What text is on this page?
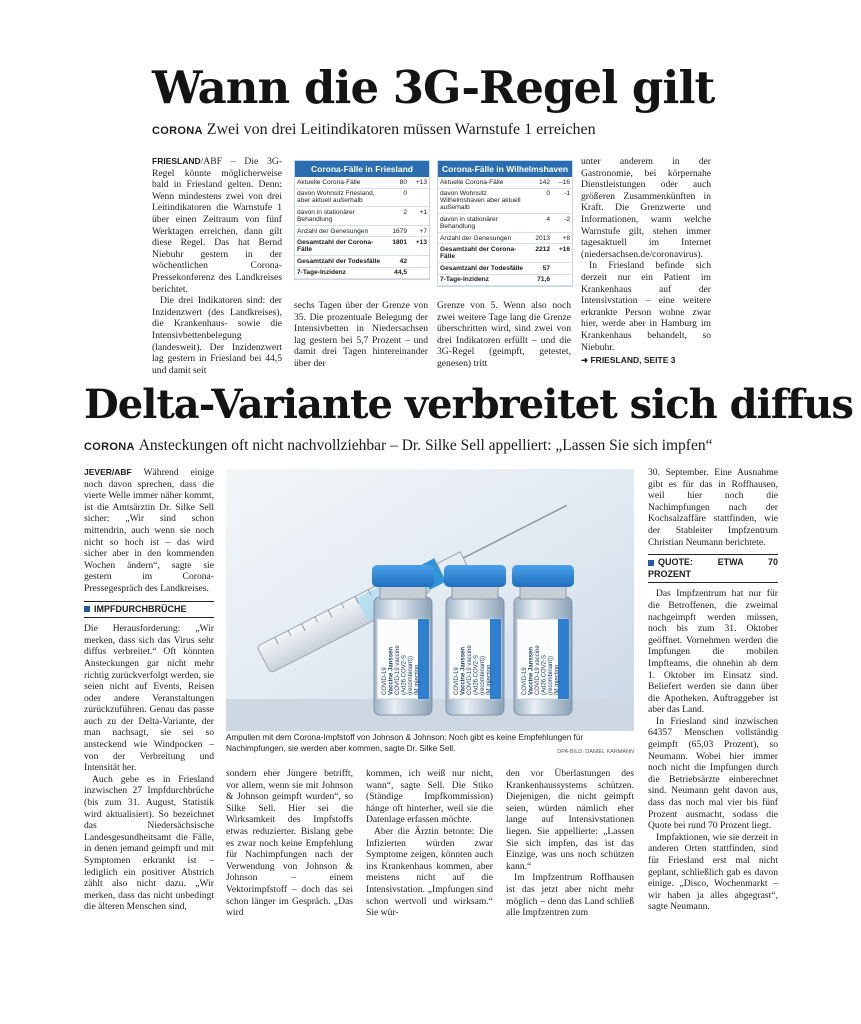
Wann die 3G-Regel gilt
CORONA Zwei von drei Leitindikatoren müssen Warnstufe 1 erreichen

FRIESLAND/ABF – Die 3G-Regel könnte möglicherweise bald in Friesland gelten. Denn: Wenn mindestens zwei von drei Leitindikatoren die Warnstufe 1 über einen Zeitraum von fünf Werktagen erreichen, dann gilt diese Regel. Das hat Bernd Niebuhr gestern in der wöchentlichen Corona-Pressekonferenz des Landkreises berichtet.

Die drei Indikatoren sind: der Inzidenzwert (des Landkreises), die Krankenhaus- sowie die Intensivbettenbelegung (landesweit). Der Inzidenzwert lag gestern in Friesland bei 44,5 und damit seit

Corona-Fälle in Friesland
Aktuelle Corona-Fälle	80	+13
davon Wohnsitz Friesland, aber aktuell außerhalb	0	
davon in stationärer Behandlung	2	+1
Anzahl der Genesungen	1679	+7
Gesamtzahl der Corona-Fälle	1801	+13
Gesamtzahl der Todesfälle	42	
7-Tage-Inzidenz	44,5	

sechs Tagen über der Grenze von 35. Die prozentuale Belegung der Intensivbetten in Niedersachsen lag gestern bei 5,7 Prozent – und damit drei Tagen hintereinander über der

Corona-Fälle in Wilhelmshaven
Aktuelle Corona-Fälle	142	–16
davon Wohnsitz Wilhelmshaven aber aktuell außerhalb	0	-1
davon in stationärer Behandlung	4	-2
Anzahl der Genesungen	2013	+8
Gesamtzahl der Corona-Fälle	2212	+16
Gesamtzahl der Todesfälle	57	
7-Tage-Inzidenz	71,6	

Grenze von 5. Wenn also noch zwei weitere Tage lang die Grenze überschritten wird, sind zwei von drei Indikatoren erfüllt – und die 3G-Regel (geimpft, getestet, genesen) tritt

unter anderem in der Gastronomie, bei körpernahe Dienstleistungen oder auch größeren Zusammenkünften in Kraft. Die Grenzwerte und Informationen, wann welche Warnstufe gilt, stehen immer tagesaktuell im Internet (niedersachsen.de/coronavirus).

In Friesland befinde sich derzeit nur ein Patient im Krankenhaus auf der Intensivstation – eine weitere erkrankte Person wohne zwar hier, werde aber in Hamburg im Krankenhaus behandelt, so Niebuhr.

➜ FRIESLAND, SEITE 3
Delta-Variante verbreitet sich diffus
CORONA Ansteckungen oft nicht nachvollziehbar – Dr. Silke Sell appelliert: „Lassen Sie sich impfen“

JEVER/ABF Während einige noch davon sprechen, dass die vierte Welle immer näher kommt, ist die Amtsärztin Dr. Silke Sell sicher: „Wir sind schon mittendrin, auch wenn sie noch nicht so hoch ist – das wird sicher aber in den kommenden Wochen ändern“, sagte sie gestern im Corona-Pressegespräch des Landkreises.

IMPFDURCHBRÜCHE

Die Herausforderung: „Wir merken, dass sich das Virus sehr diffus verbreitet.“ Oft könnten Ansteckungen gar nicht mehr richtig zurückverfolgt werden, sie seien nicht auf Events, Reisen oder andere Veranstaltungen zurückzuführen. Genau das passe auch zu der Delta-Variante, der man nachsagt, sie sei so ansteckend wie Windpocken – von der Verbreitung und Intensität her.

Auch gebe es in Friesland inzwischen 27 Impfdurchbrüche (bis zum 31. August, Statistik wird aktualisiert). So bezeichnet das Niedersächsische Landesgesundheitsamt die Fälle, in denen jemand geimpft und mit Symptomen erkrankt ist – lediglich ein positiver Abstrich zählt also nicht dazu. „Wir merken, dass das nicht unbedingt die älteren Menschen sind,

COVID-19Vaccine JanssenCOVID-19 vaccine(Ad26.COV2-S(recombinant))IM injection	COVID-19Vaccine JanssenCOVID-19 vaccine(Ad26.COV2-S(recombinant))IM injection	COVID-19Vaccine JanssenCOVID-19 vaccine(Ad26.COV2-S(recombinant))IM injection
Ampullen mit dem Corona-Impfstoff von Johnson & Johnson: Noch gibt es keine Empfehlungen für Nachimpfungen, sie werden aber kommen, sagte Dr. Silke Sell.	DPA-BILD: DANIEL KARMANN

sondern eher Jüngere betrifft, vor allem, wenn sie mit Johnson & Johnson geimpft wurden“, so Silke Sell. Hier sei die Wirksamkeit des Impfstoffs etwas reduzierter. Bislang gebe es zwar noch keine Empfehlung für Nachimpfungen nach der Verwendung von Johnson & Johnson – einem Vektorimpfstoff – doch das sei schon länger im Gespräch. „Das wird

kommen, ich weiß nur nicht, wann“, sagte Sell. Die Stiko (Ständige Impfkommission) hänge oft hinterher, weil sie die Datenlage erfassen möchte.

Aber die Ärztin betonte: Die Infizierten würden zwar Symptome zeigen, könnten auch ins Krankenhaus kommen, aber meistens nicht auf die Intensivstation. „Impfungen sind schon wertvoll und wirksam.“ Sie wür-

den vor Überlastungen des Krankenhaussystems schützen. Diejenigen, die nicht geimpft seien, würden nämlich eher lange auf Intensivstationen liegen. Sie appellierte: „Lassen Sie sich impfen, das ist das Einzige, was uns noch schützen kann.“

Im Impfzentrum Roffhausen ist das jetzt aber nicht mehr möglich – denn das Land schließ alle Impfzentren zum

30. September. Eine Ausnahme gibt es für das in Roffhausen, weil hier noch die Nachimpfungen nach der Kochsalzaffäre stattfinden, wie der Stableiter Impfzentrum Christian Neumann berichtete.

QUOTE: ETWA 70 PROZENT

Das Impfzentrum hat nur für die Betroffenen, die zweimal nachgeimpft werden müssen, noch bis zum 31. Oktober geöffnet. Vornehmen werden die Impfungen die mobilen Impfteams, die ohnehin ab dem 1. Oktober im Einsatz sind. Beliefert werden sie dann über die Apotheken. Auftraggeber ist aber das Land.

In Friesland sind inzwischen 64357 Menschen vollständig geimpft (65,03 Prozent), so Neumann. Wobei hier immer noch nicht die Impfungen durch die Betriebsärzte einberechnet sind. Neumann geht davon aus, dass das noch mal vier bis fünf Prozent ausmacht, sodass die Quote bei rund 70 Prozent liegt.

Impfaktionen, wie sie derzeit in anderen Orten stattfinden, sind für Friesland erst mal nicht geplant, schließlich gab es davon einige. „Disco, Wochenmarkt – wir haben ja alles abgegrast“, sagte Neumann.
